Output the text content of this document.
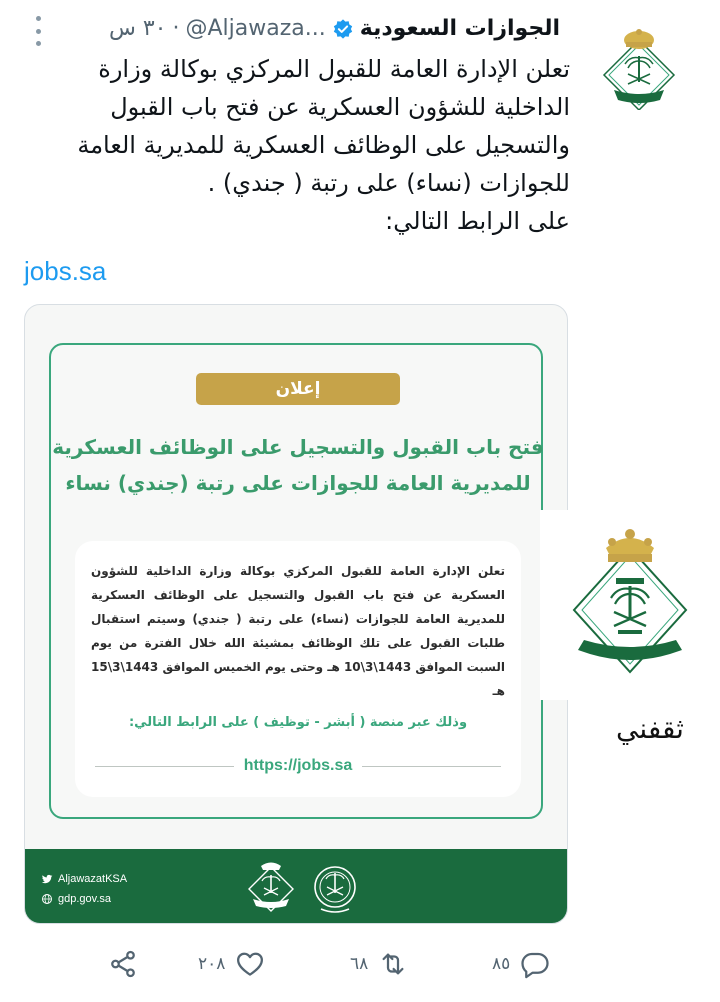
الجوازات السعودية
@Aljawaza...
·
٣٠ س

تعلن الإدارة العامة للقبول المركزي بوكالة وزارة

الداخلية للشؤون العسكرية عن فتح باب القبول

والتسجيل على الوظائف العسكرية للمديرية العامة

للجوازات (نساء) على رتبة ( جندي) .

على الرابط التالي:

jobs.sa
إعلان
فتح باب القبول والتسجيل على الوظائف العسكرية
للمديرية العامة للجوازات على رتبة (جندي) نساء
تعلن الإدارة العامة للقبول المركزي بوكالة وزارة الداخلية للشؤون العسكرية عن فتح باب القبول والتسجيل على الوظائف العسكرية للمديرية العامة للجوازات (نساء) على رتبة ( جندي) وسيتم استقبال طلبات القبول على تلك الوظائف بمشيئة الله خلال الفترة من يوم السبت الموافق 1443\3\10 هـ وحتى يوم الخميس الموافق 1443\3\15 هـ
وذلك عبر منصة ( أبشر - توظيف ) على الرابط التالي:
https://jobs.sa
AljawazatKSA
gdp.gov.sa
ثقفني
٨٥
٦٨
٢٠٨
